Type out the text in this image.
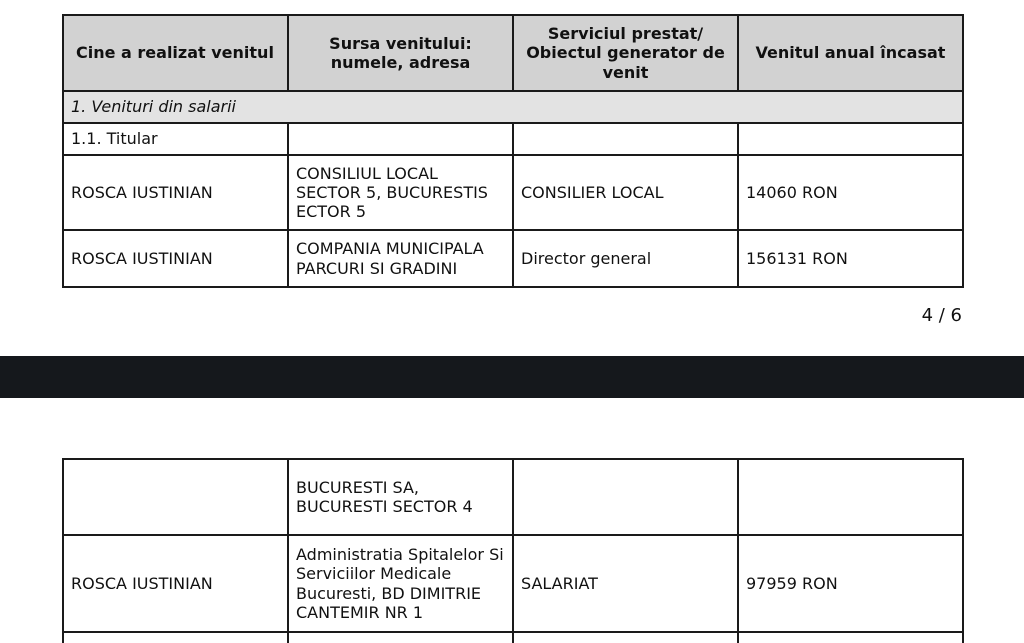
Cine a realizat venitul	Sursa venitului: numele, adresa	Serviciul prestat/ Obiectul generator de venit	Venitul anual încasat
1. Venituri din salarii			
1.1. Titular			
ROSCA IUSTINIAN	CONSILIUL LOCAL SECTOR 5, BUCURESTIS ECTOR 5	CONSILIER LOCAL	14060 RON
ROSCA IUSTINIAN	COMPANIA MUNICIPALA PARCURI SI GRADINI	Director general	156131 RON
4 / 6
	BUCURESTI SA, BUCURESTI SECTOR 4		
ROSCA IUSTINIAN	Administratia Spitalelor Si Serviciilor Medicale Bucuresti, BD DIMITRIE CANTEMIR NR 1	SALARIAT	97959 RON
